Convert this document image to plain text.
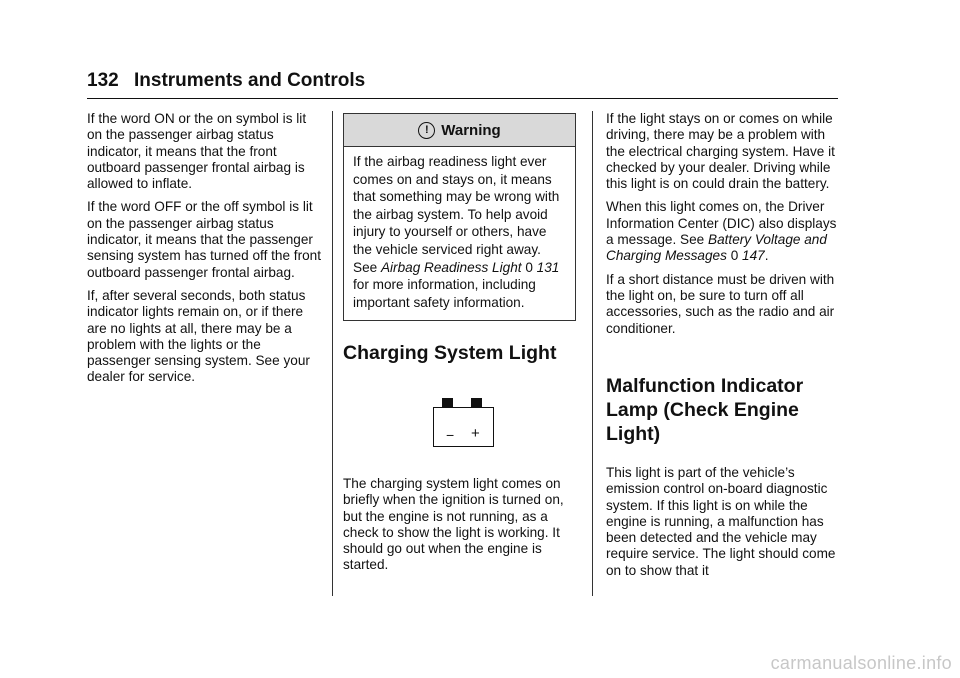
132 Instruments and Controls

If the word ON or the on symbol is lit on the passenger airbag status indicator, it means that the front outboard passenger frontal airbag is allowed to inflate.

If the word OFF or the off symbol is lit on the passenger airbag status indicator, it means that the passenger sensing system has turned off the front outboard passenger frontal airbag.

If, after several seconds, both status indicator lights remain on, or if there are no lights at all, there may be a problem with the lights or the passenger sensing system. See your dealer for service.

! Warning
If the airbag readiness light ever comes on and stays on, it means that something may be wrong with the airbag system. To help avoid injury to yourself or others, have the vehicle serviced right away. See Airbag Readiness Light 0 131 for more information, including important safety information.
Charging System Light
− +

The charging system light comes on briefly when the ignition is turned on, but the engine is not running, as a check to show the light is working. It should go out when the engine is started.

If the light stays on or comes on while driving, there may be a problem with the electrical charging system. Have it checked by your dealer. Driving while this light is on could drain the battery.

When this light comes on, the Driver Information Center (DIC) also displays a message. See Battery Voltage and Charging Messages 0 147.

If a short distance must be driven with the light on, be sure to turn off all accessories, such as the radio and air conditioner.

Malfunction Indicator Lamp (Check Engine Light)

This light is part of the vehicle’s emission control on-board diagnostic system. If this light is on while the engine is running, a malfunction has been detected and the vehicle may require service. The light should come on to show that it

carmanualsonline.info
